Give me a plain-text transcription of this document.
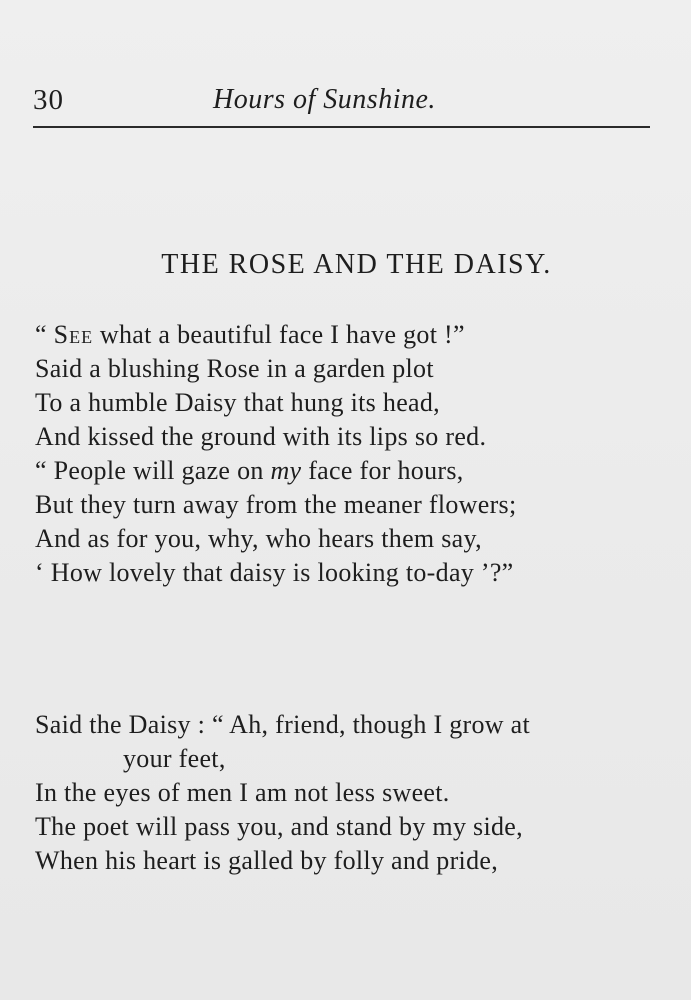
30	Hours of Sunshine.
THE ROSE AND THE DAISY.
“ See what a beautiful face I have got !”
Said a blushing Rose in a garden plot
To a humble Daisy that hung its head,
And kissed the ground with its lips so red.
“ People will gaze on my face for hours,
But they turn away from the meaner flowers;
And as for you, why, who hears them say,
‘ How lovely that daisy is looking to-day ’?”
Said the Daisy : “ Ah, friend, though I grow at
your feet,
In the eyes of men I am not less sweet.
The poet will pass you, and stand by my side,
When his heart is galled by folly and pride,
